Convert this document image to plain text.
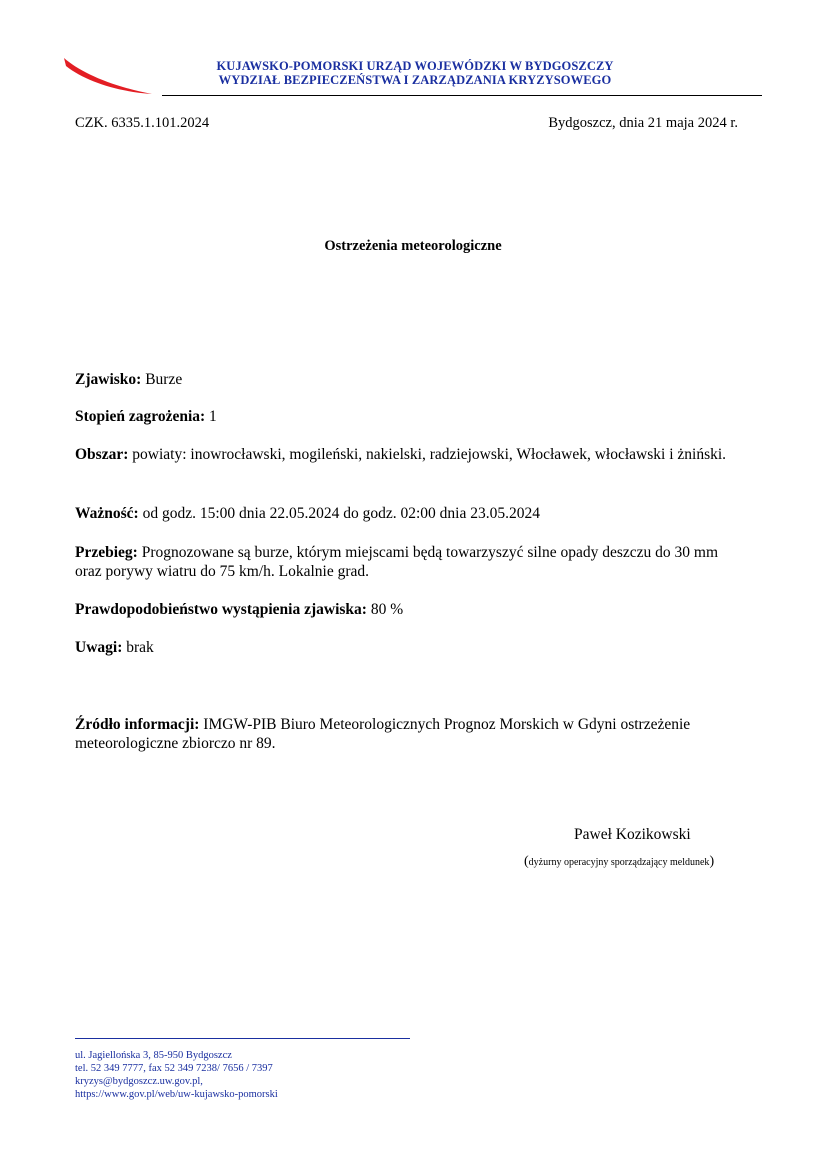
KUJAWSKO-POMORSKI URZĄD WOJEWÓDZKI W BYDGOSZCZY
WYDZIAŁ BEZPIECZEŃSTWA I ZARZĄDZANIA KRYZYSOWEGO
CZK. 6335.1.101.2024	Bydgoszcz, dnia 21 maja 2024 r.
Ostrzeżenia meteorologiczne
Zjawisko: Burze
Stopień zagrożenia: 1
Obszar: powiaty: inowrocławski, mogileński, nakielski, radziejowski, Włocławek, włocławski i żniński.
Ważność: od godz. 15:00 dnia 22.05.2024 do godz. 02:00 dnia 23.05.2024
Przebieg: Prognozowane są burze, którym miejscami będą towarzyszyć silne opady deszczu do 30 mm oraz porywy wiatru do 75 km/h. Lokalnie grad.
Prawdopodobieństwo wystąpienia zjawiska: 80 %
Uwagi: brak
Źródło informacji: IMGW-PIB Biuro Meteorologicznych Prognoz Morskich w Gdyni ostrzeżenie meteorologiczne zbiorczo nr 89.
Paweł Kozikowski
(dyżurny operacyjny sporządzający meldunek)
ul. Jagiellońska 3, 85-950 Bydgoszcz
tel. 52 349 7777, fax 52 349 7238/ 7656 / 7397
kryzys@bydgoszcz.uw.gov.pl,
https://www.gov.pl/web/uw-kujawsko-pomorski
